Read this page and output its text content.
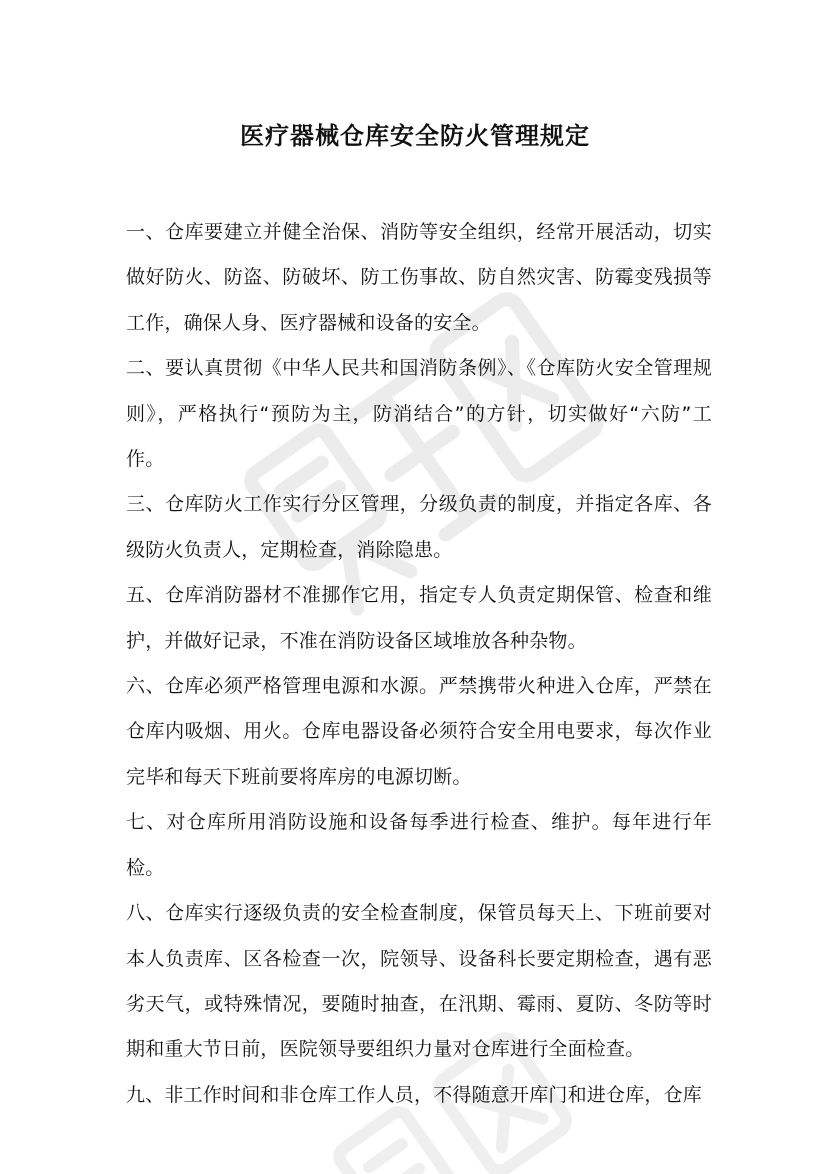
医疗器械仓库安全防火管理规定

一、仓库要建立并健全治保、消防等安全组织，经常开展活动，切实做好防火、防盗、防破坏、防工伤事故、防自然灾害、防霉变残损等工作，确保人身、医疗器械和设备的安全。

二、要认真贯彻《中华人民共和国消防条例》、《仓库防火安全管理规则》，严格执行“预防为主，防消结合”的方针，切实做好“六防”工作。

三、仓库防火工作实行分区管理，分级负责的制度，并指定各库、各级防火负责人，定期检查，消除隐患。

五、仓库消防器材不准挪作它用，指定专人负责定期保管、检查和维护，并做好记录，不准在消防设备区域堆放各种杂物。

六、仓库必须严格管理电源和水源。严禁携带火种进入仓库，严禁在仓库内吸烟、用火。仓库电器设备必须符合安全用电要求，每次作业完毕和每天下班前要将库房的电源切断。

七、对仓库所用消防设施和设备每季进行检查、维护。每年进行年检。

八、仓库实行逐级负责的安全检查制度，保管员每天上、下班前要对本人负责库、区各检查一次，院领导、设备科长要定期检查，遇有恶劣天气，或特殊情况，要随时抽查，在汛期、霉雨、夏防、冬防等时期和重大节日前，医院领导要组织力量对仓库进行全面检查。

九、非工作时间和非仓库工作人员，不得随意开库门和进仓库，仓库
